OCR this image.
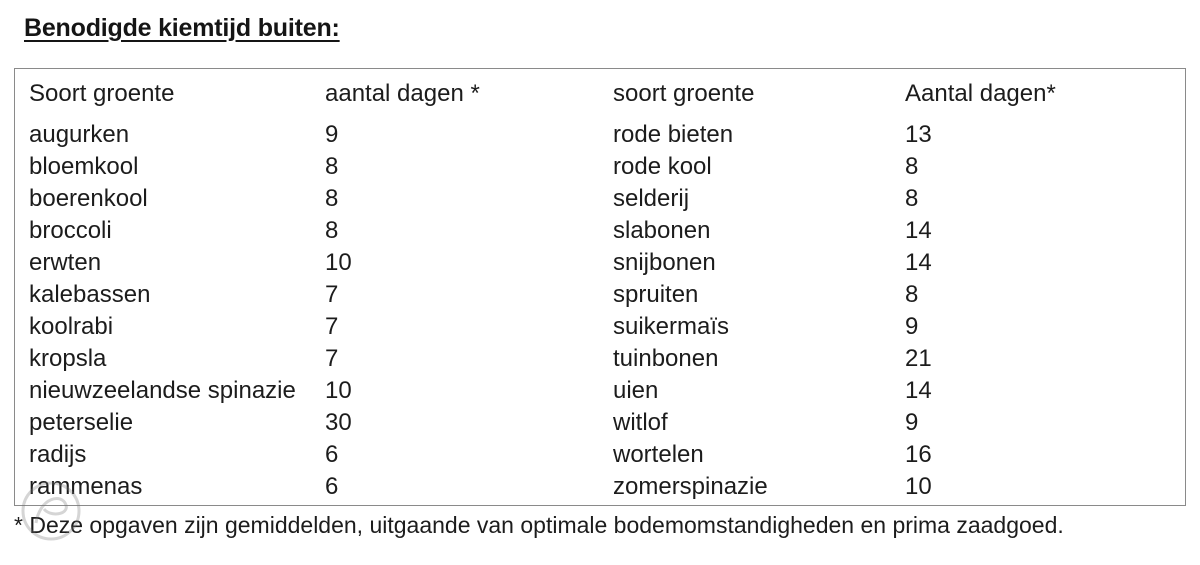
Benodigde kiemtijd buiten:
Soort groente	aantal dagen *	soort groente	Aantal dagen*
augurken	9	rode bieten	13
bloemkool	8	rode kool	8
boerenkool	8	selderij	8
broccoli	8	slabonen	14
erwten	10	snijbonen	14
kalebassen	7	spruiten	8
koolrabi	7	suikermaïs	9
kropsla	7	tuinbonen	21
nieuwzeelandse spinazie	10	uien	14
peterselie	30	witlof	9
radijs	6	wortelen	16
rammenas	6	zomerspinazie	10
* Deze opgaven zijn gemiddelden, uitgaande van optimale bodemomstandigheden en prima zaadgoed.
